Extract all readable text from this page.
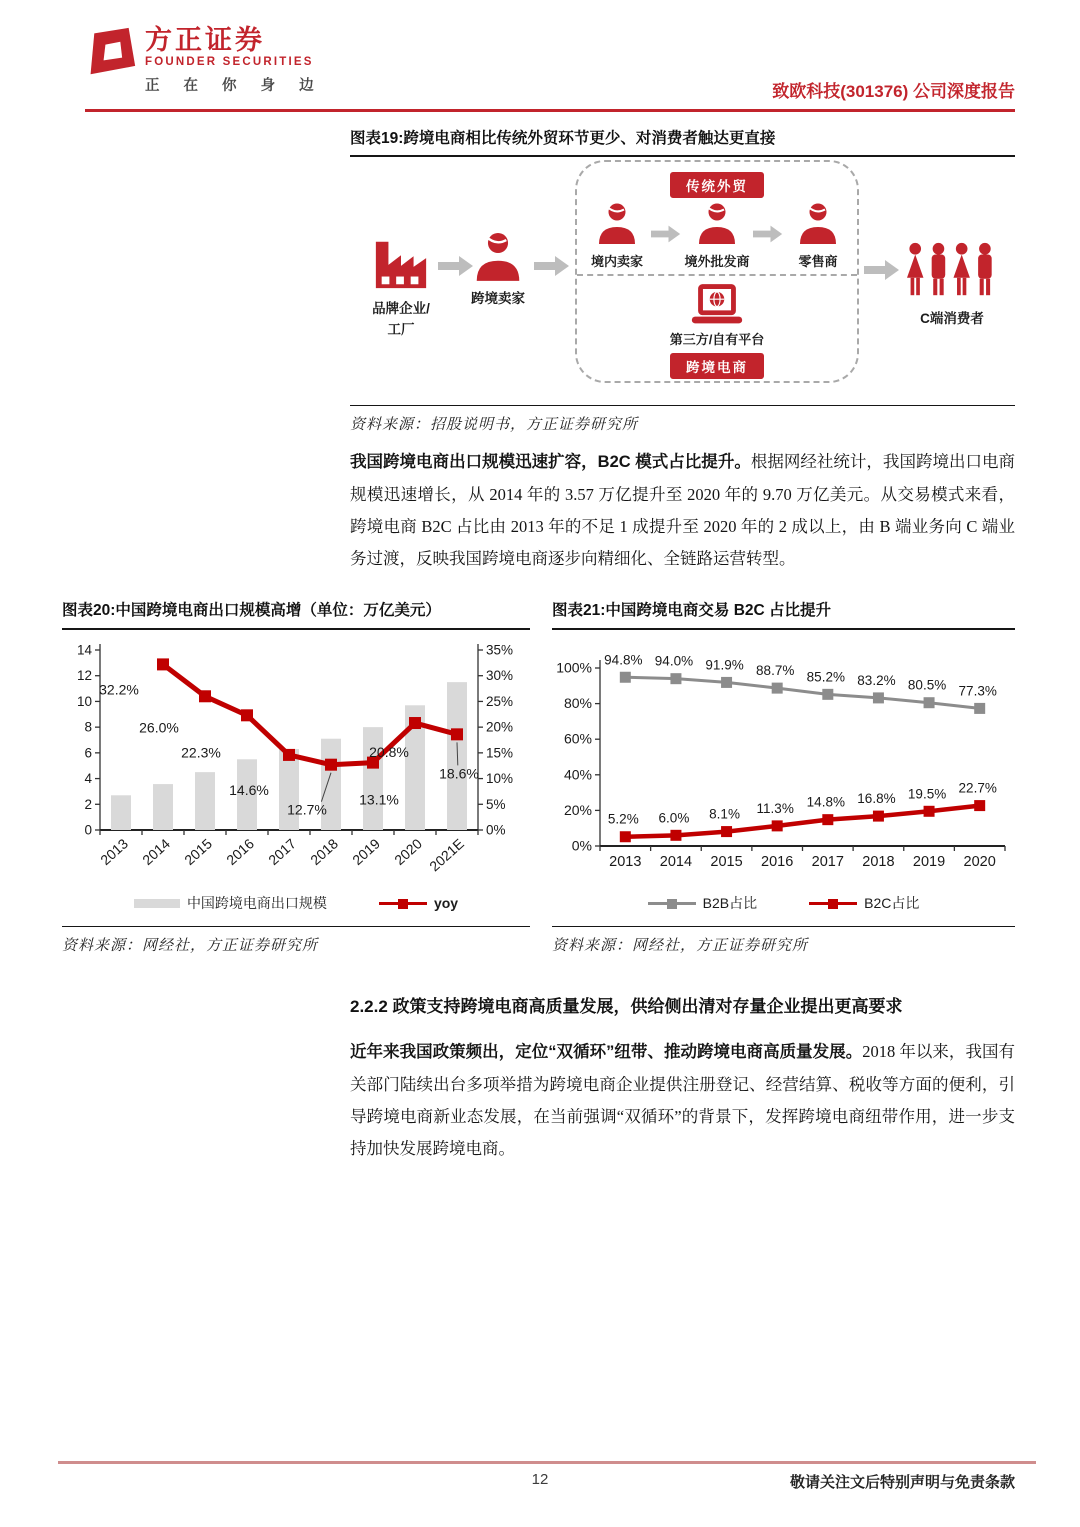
方正证券
FOUNDER SECURITIES
正 在 你 身 边	致欧科技(301376) 公司深度报告
图表19:跨境电商相比传统外贸环节更少、对消费者触达更直接
品牌企业/
工厂
跨境卖家
传统外贸
境内卖家	境外批发商	零售商
第三方/自有平台
跨境电商
C端消费者
资料来源：招股说明书，方正证券研究所

我国跨境电商出口规模迅速扩容，B2C 模式占比提升。根据网经社统计，我国跨境出口电商规模迅速增长，从 2014 年的 3.57 万亿提升至 2020 年的 9.70 万亿美元。从交易模式来看，跨境电商 B2C 占比由 2013 年的不足 1 成提升至 2020 年的 2 成以上，由 B 端业务向 C 端业务过渡，反映我国跨境电商逐步向精细化、全链路运营转型。

图表20:中国跨境电商出口规模高增（单位：万亿美元）
0
2
4
6
8
10
12
14
0%
5%
10%
15%
20%
25%
30%
35%
2013 2014 2015 2016 2017 2018 2019 2020 2021E
32.2%
26.0%
22.3%
14.6%
12.7%
13.1%
20.8%
18.6%
中国跨境电商出口规模	yoy
资料来源：网经社，方正证券研究所
图表21:中国跨境电商交易 B2C 占比提升
0%
20%
40%
60%
80%
100%
2013 2014 2015 2016 2017 2018 2019 2020
94.8% 94.0% 91.9% 88.7% 85.2% 83.2% 80.5% 77.3%
5.2% 6.0% 8.1% 11.3% 14.8% 16.8% 19.5% 22.7%
B2B占比	B2C占比
资料来源：网经社，方正证券研究所
2.2.2 政策支持跨境电商高质量发展，供给侧出清对存量企业提出更高要求

近年来我国政策频出，定位“双循环”纽带、推动跨境电商高质量发展。2018 年以来，我国有关部门陆续出台多项举措为跨境电商企业提供注册登记、经营结算、税收等方面的便利，引导跨境电商新业态发展，在当前强调“双循环”的背景下，发挥跨境电商纽带作用，进一步支持加快发展跨境电商。

12	敬请关注文后特别声明与免责条款
